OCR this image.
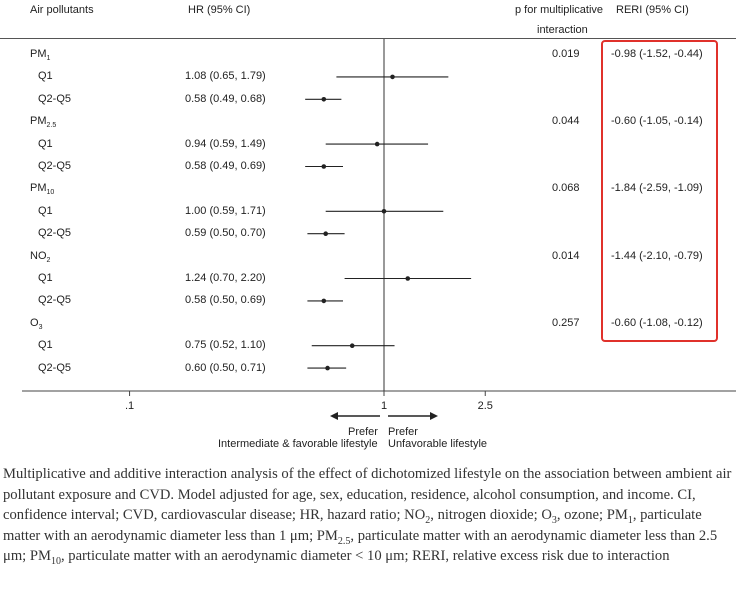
Air pollutants	HR (95% CI)	p for multiplicative
interaction
RERI (95% CI)
$PM_1$	0.019	-0.98 (-1.52, -0.44)
Q1	1.08 (0.65, 1.79)
Q2-Q5	0.58 (0.49, 0.68)
$PM_{2.5}$	0.044	-0.60 (-1.05, -0.14)
Q1	0.94 (0.59, 1.49)
Q2-Q5	0.58 (0.49, 0.69)
$PM_{10}$	0.068	-1.84 (-2.59, -1.09)
Q1	1.00 (0.59, 1.71)
Q2-Q5	0.59 (0.50, 0.70)
$NO_2$	0.014	-1.44 (-2.10, -0.79)
Q1	1.24 (0.70, 2.20)
Q2-Q5	0.58 (0.50, 0.69)
$O_3$	0.257	-0.60 (-1.08, -0.12)
Q1	0.75 (0.52, 1.10)
Q2-Q5	0.60 (0.50, 0.71)
.1	1	2.5
Prefer
Intermediate & favorable lifestyle
Prefer
Unfavorable lifestyle
Multiplicative and additive interaction analysis of the effect of dichotomized lifestyle on the association between ambient air pollutant exposure and CVD. Model adjusted for age, sex, education, residence, alcohol consumption, and income. CI, confidence interval; CVD, cardiovascular disease; HR, hazard ratio; $NO_2$, nitrogen dioxide; $O_3$, ozone; $PM_1$, particulate matter with an aerodynamic diameter less than 1 μm; $PM_{2.5}$, particulate matter with an aerodynamic diameter less than 2.5 μm; $PM_{10}$, particulate matter with an aerodynamic diameter < 10 μm; RERI, relative excess risk due to interaction
